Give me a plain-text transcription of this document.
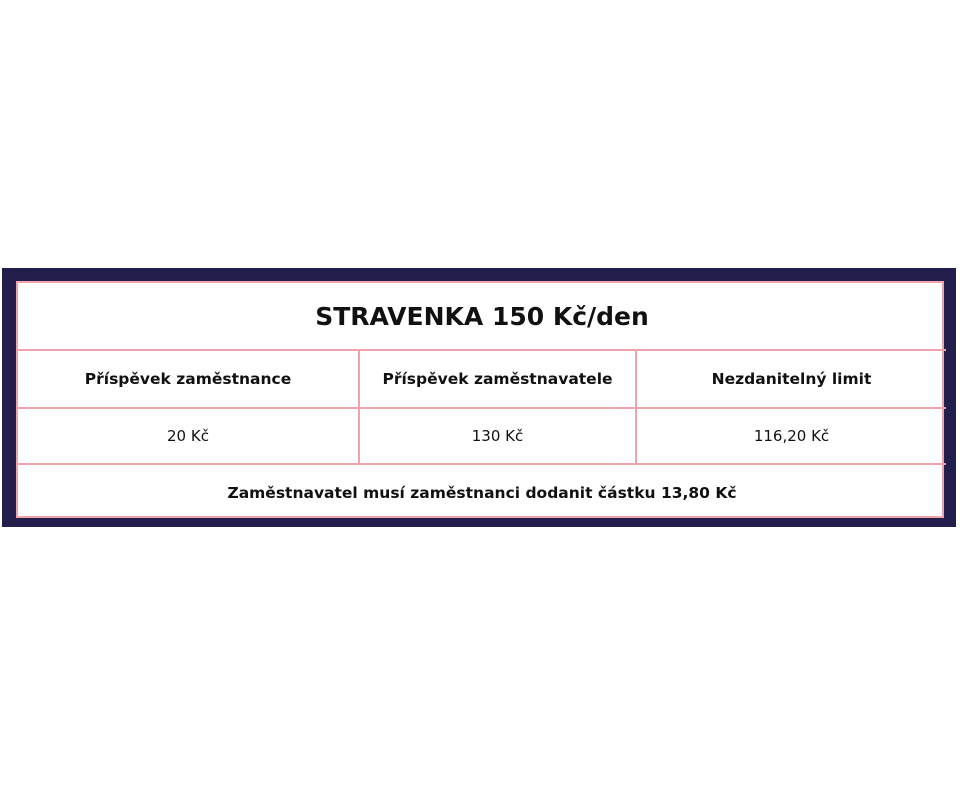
STRAVENKA 150 Kč/den		
Příspěvek zaměstnance	Příspěvek zaměstnavatele	Nezdanitelný limit
20 Kč	130 Kč	116,20 Kč
Zaměstnavatel musí zaměstnanci dodanit částku 13,80 Kč		
